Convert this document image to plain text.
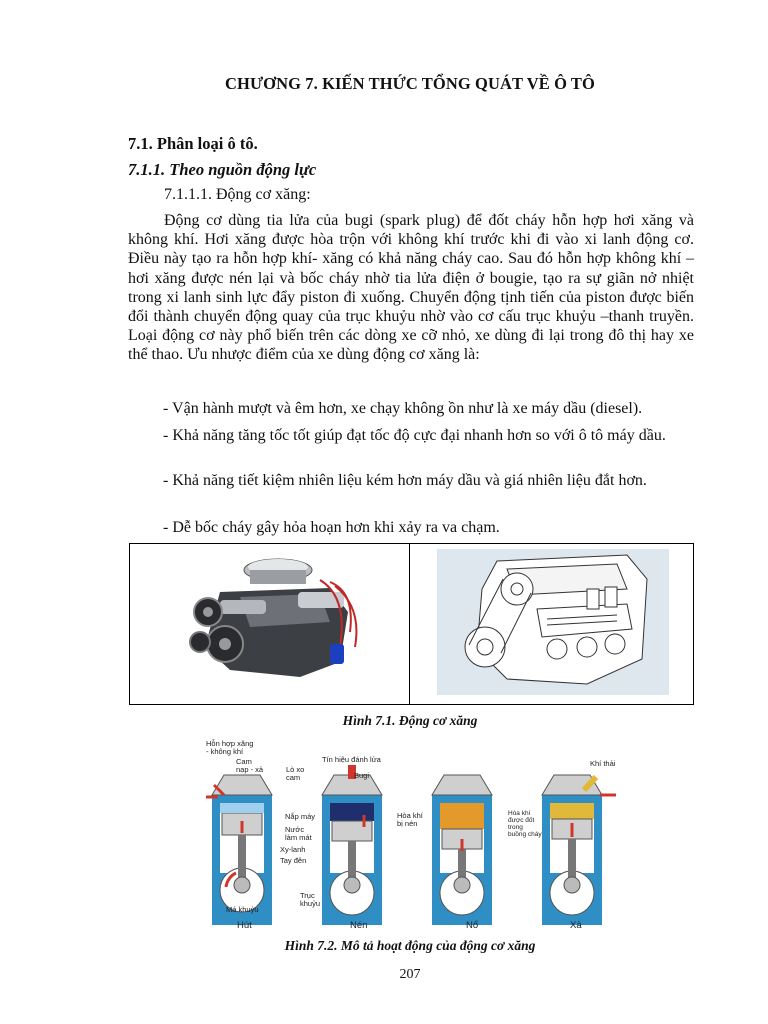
CHƯƠNG 7. KIẾN THỨC TỔNG QUÁT VỀ Ô TÔ
7.1. Phân loại ô tô.
7.1.1. Theo nguồn động lực
7.1.1.1. Động cơ xăng:

Động cơ dùng tia lửa của bugi (spark plug) để đốt cháy hỗn hợp hơi xăng và không khí. Hơi xăng được hòa trộn với không khí trước khi đi vào xi lanh động cơ. Điều này tạo ra hỗn hợp khí- xăng có khả năng cháy cao. Sau đó hỗn hợp không khí – hơi xăng được nén lại và bốc cháy nhờ tia lửa điện ở bougie, tạo ra sự giãn nở nhiệt trong xi lanh sinh lực đẩy piston đi xuống. Chuyển động tịnh tiến của piston được biến đổi thành chuyển động quay của trục khuỷu nhờ vào cơ cấu trục khuỷu –thanh truyền. Loại động cơ này phổ biến trên các dòng xe cỡ nhỏ, xe dùng đi lại trong đô thị hay xe thể thao. Ưu nhược điểm của xe dùng động cơ xăng là:

- Vận hành mượt và êm hơn, xe chạy không ồn như là xe máy dầu (diesel).

- Khả năng tăng tốc tốt giúp đạt tốc độ cực đại nhanh hơn so với ô tô máy dầu.

- Khả năng tiết kiệm nhiên liệu kém hơn máy dầu và giá nhiên liệu đắt hơn.

- Dễ bốc cháy gây hỏa hoạn hơn khi xảy ra va chạm.

Hình 7.1. Động cơ xăng
Hỗn hợp xăng - không khí
Cam nạp - xả	Lò xo cam
Tín hiệu đánh lửa
Bugi
Khí thải
Nắp máy
Nước làm mát
Xy-lanh
Tay đên
Hòa khí bị nén
Hòa khí được đốt trong buồng cháy
Trục khuỷu
Má khuỷu
Hút	Nén	Nổ	Xả
Hình 7.2. Mô tả hoạt động của động cơ xăng
207
